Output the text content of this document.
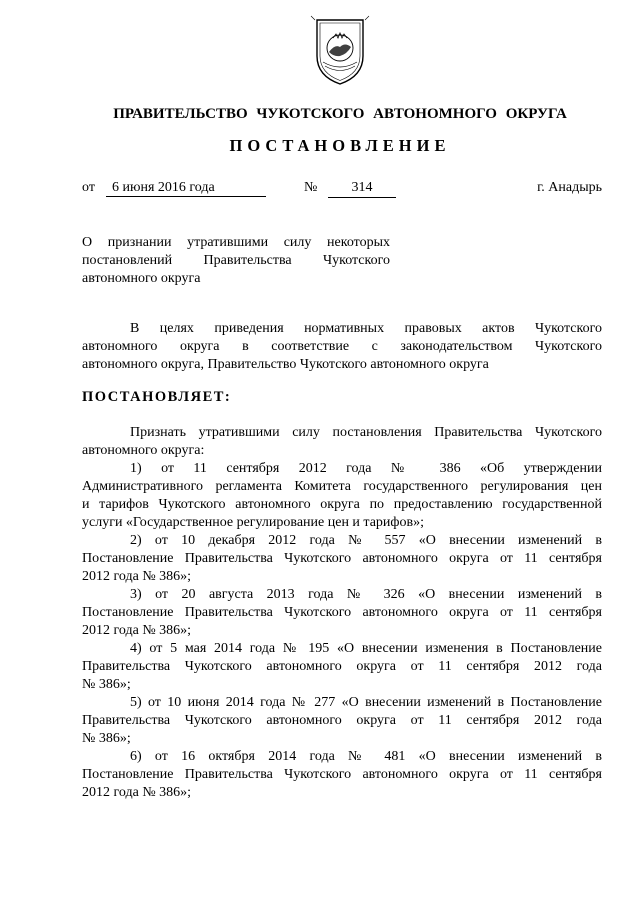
ПРАВИТЕЛЬСТВО ЧУКОТСКОГО АВТОНОМНОГО ОКРУГА
ПОСТАНОВЛЕНИЕ
от	6 июня 2016 года	№	314	г. Анадырь
О признании утратившими силу некоторых
постановлений Правительства Чукотского
автономного округа
В целях приведения нормативных правовых актов Чукотского
автономного округа в соответствие с законодательством Чукотского
автономного округа, Правительство Чукотского автономного округа
ПОСТАНОВЛЯЕТ:
Признать утратившими силу постановления Правительства Чукотского
автономного округа:
1) от 11 сентября 2012 года № 386 «Об утверждении
Административного регламента Комитета государственного регулирования цен
и тарифов Чукотского автономного округа по предоставлению государственной
услуги «Государственное регулирование цен и тарифов»;
2) от 10 декабря 2012 года № 557 «О внесении изменений в
Постановление Правительства Чукотского автономного округа от 11 сентября
2012 года № 386»;
3) от 20 августа 2013 года № 326 «О внесении изменений в
Постановление Правительства Чукотского автономного округа от 11 сентября
2012 года № 386»;
4) от 5 мая 2014 года № 195 «О внесении изменения в Постановление
Правительства Чукотского автономного округа от 11 сентября 2012 года
№ 386»;
5) от 10 июня 2014 года № 277 «О внесении изменений в Постановление
Правительства Чукотского автономного округа от 11 сентября 2012 года
№ 386»;
6) от 16 октября 2014 года № 481 «О внесении изменений в
Постановление Правительства Чукотского автономного округа от 11 сентября
2012 года № 386»;
